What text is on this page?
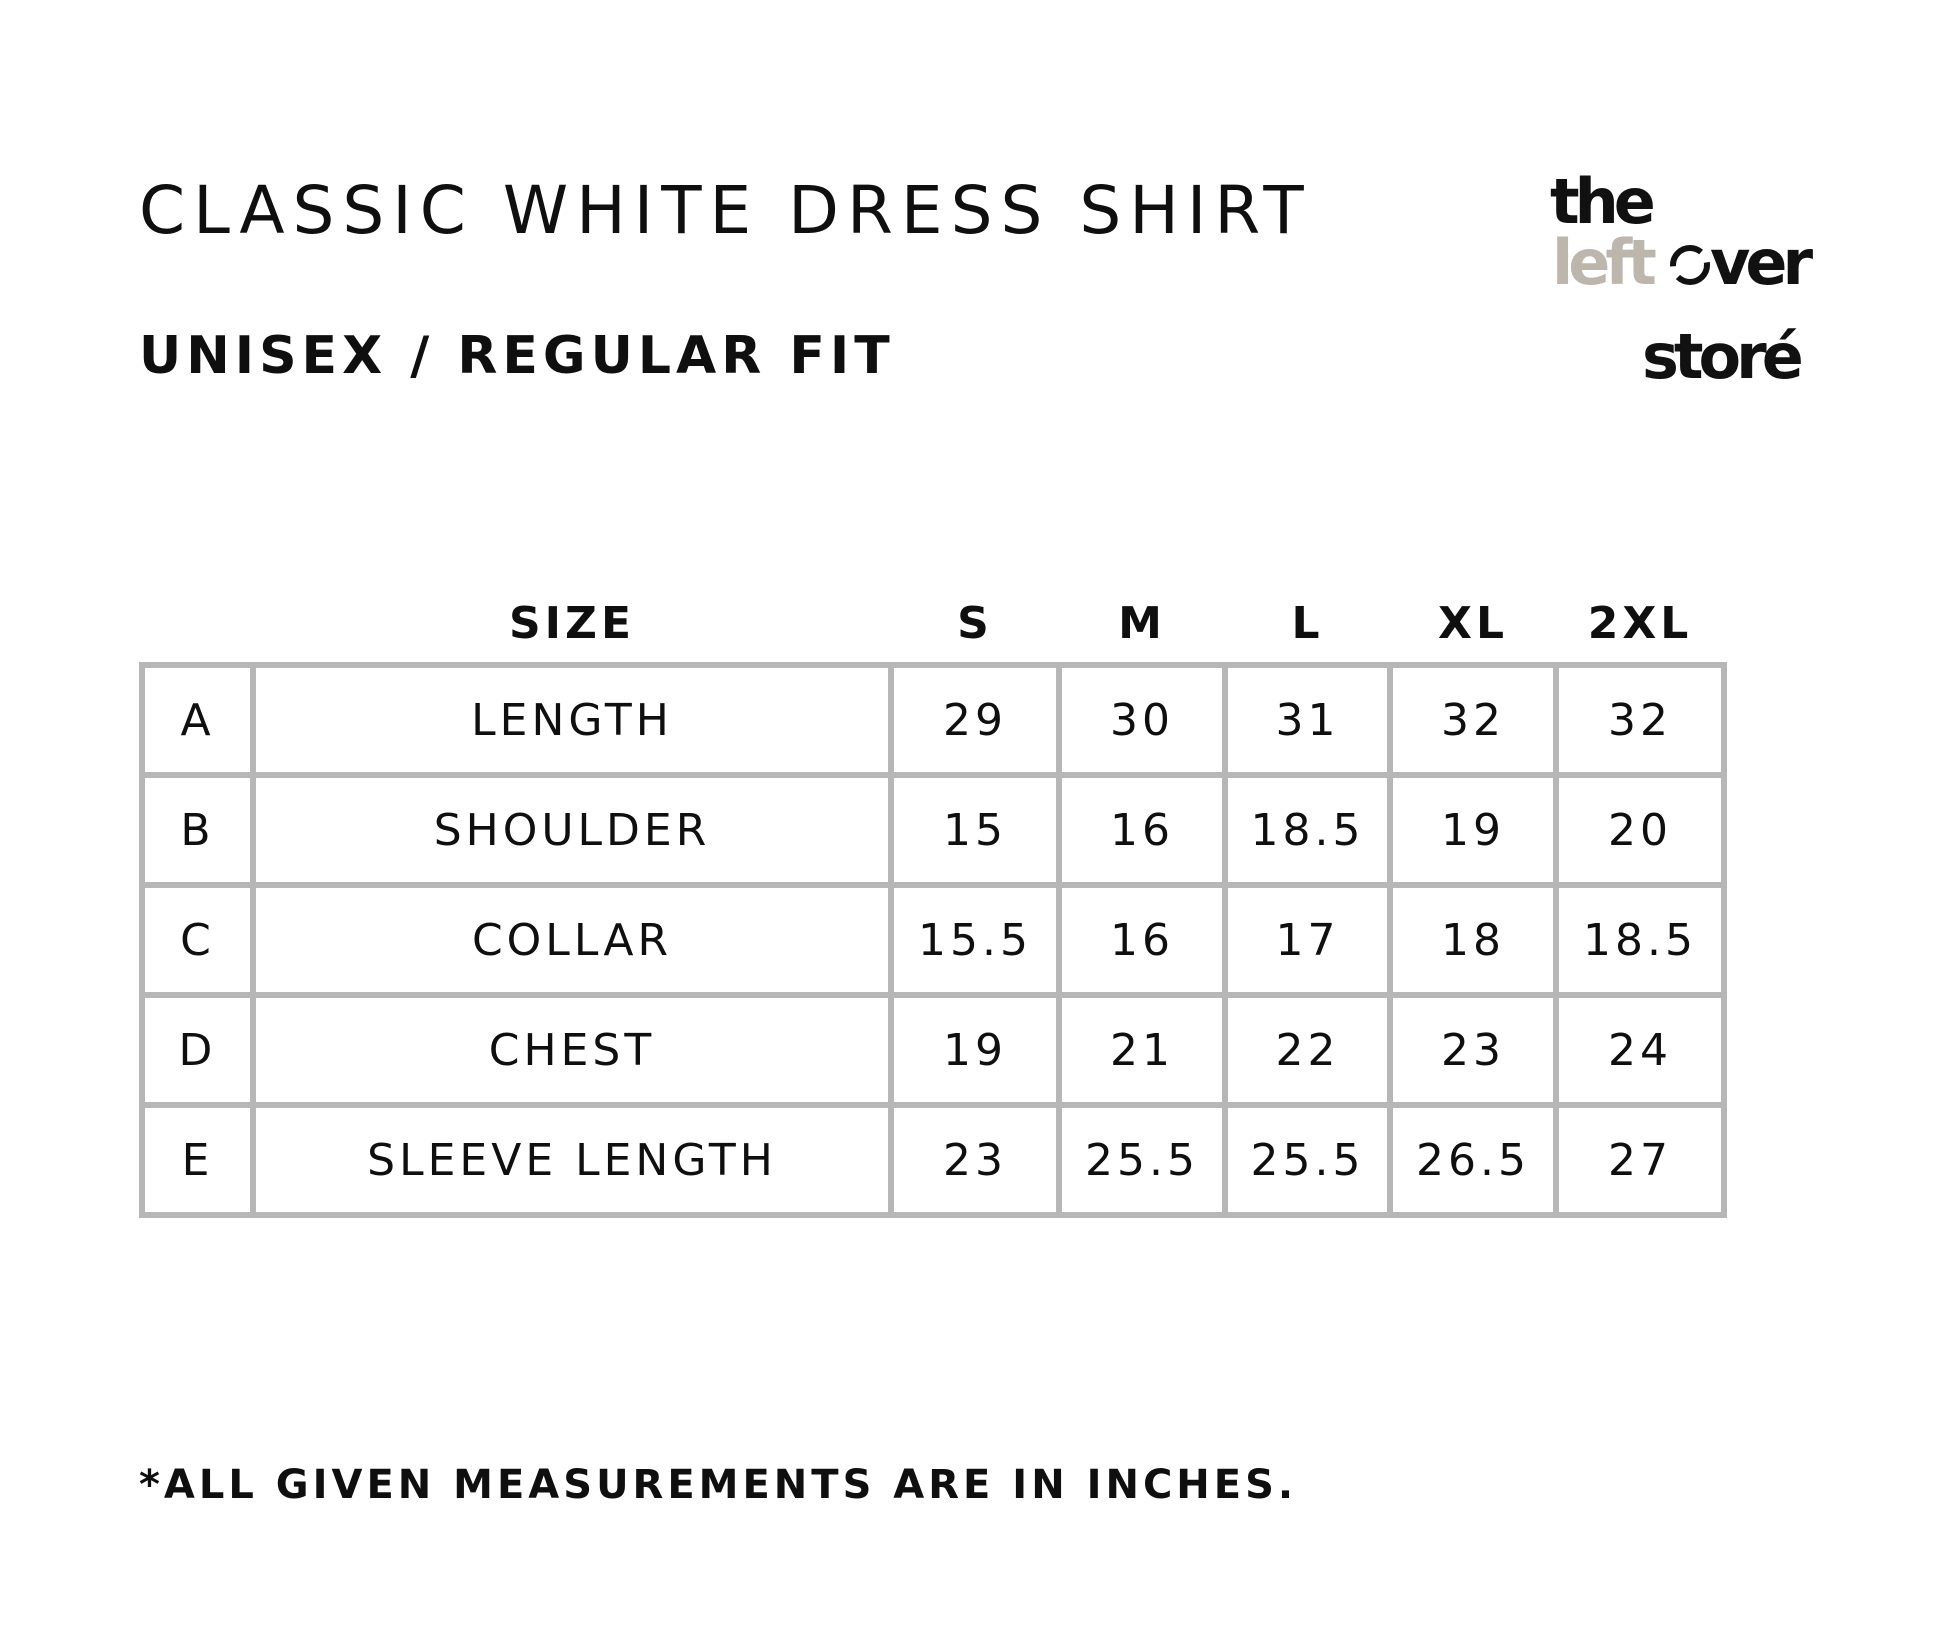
CLASSIC WHITE DRESS SHIRT
UNISEX / REGULAR FIT
the
left ver
storé
	SIZE	S	M	L	XL	2XL
A	LENGTH	29	30	31	32	32
B	SHOULDER	15	16	18.5	19	20
C	COLLAR	15.5	16	17	18	18.5
D	CHEST	19	21	22	23	24
E	SLEEVE LENGTH	23	25.5	25.5	26.5	27
*ALL GIVEN MEASUREMENTS ARE IN INCHES.
